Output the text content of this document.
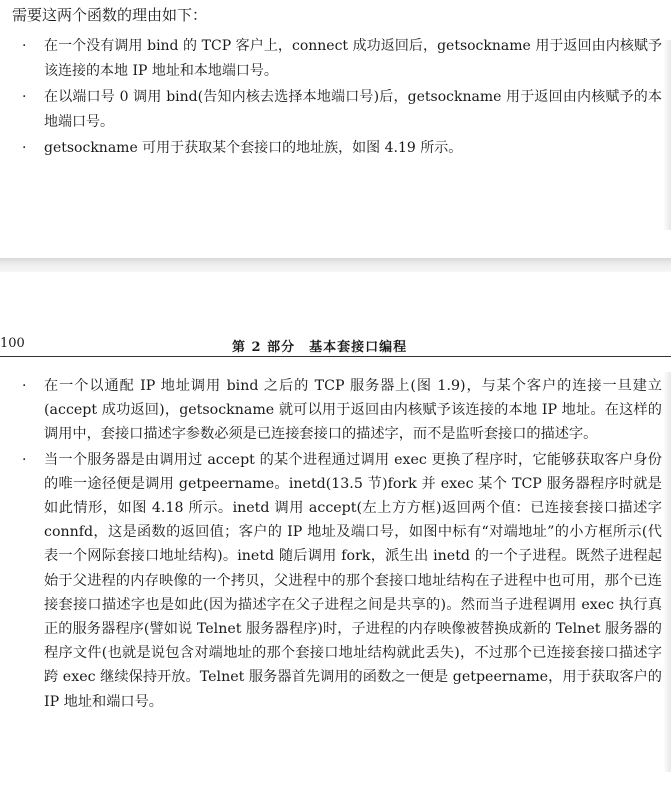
需要这两个函数的理由如下：

· 在一个没有调用 bind 的 TCP 客户上，connect 成功返回后，getsockname 用于返回由内核赋予该连接的本地 IP 地址和本地端口号。
· 在以端口号 0 调用 bind(告知内核去选择本地端口号)后，getsockname 用于返回由内核赋予的本地端口号。
· getsockname 可用于获取某个套接口的地址族，如图 4.19 所示。
100	第 2 部分　基本套接口编程
· 在一个以通配 IP 地址调用 bind 之后的 TCP 服务器上(图 1.9)，与某个客户的连接一旦建立(accept 成功返回)，getsockname 就可以用于返回由内核赋予该连接的本地 IP 地址。在这样的调用中，套接口描述字参数必须是已连接套接口的描述字，而不是监听套接口的描述字。
· 当一个服务器是由调用过 accept 的某个进程通过调用 exec 更换了程序时，它能够获取客户身份的唯一途径便是调用 getpeername。inetd(13.5 节)fork 并 exec 某个 TCP 服务器程序时就是如此情形，如图 4.18 所示。inetd 调用 accept(左上方方框)返回两个值：已连接套接口描述字 connfd，这是函数的返回值；客户的 IP 地址及端口号，如图中标有“对端地址”的小方框所示(代表一个网际套接口地址结构)。inetd 随后调用 fork，派生出 inetd 的一个子进程。既然子进程起始于父进程的内存映像的一个拷贝，父进程中的那个套接口地址结构在子进程中也可用，那个已连接套接口描述字也是如此(因为描述字在父子进程之间是共享的)。然而当子进程调用 exec 执行真正的服务器程序(譬如说 Telnet 服务器程序)时，子进程的内存映像被替换成新的 Telnet 服务器的程序文件(也就是说包含对端地址的那个套接口地址结构就此丢失)，不过那个已连接套接口描述字跨 exec 继续保持开放。Telnet 服务器首先调用的函数之一便是 getpeername，用于获取客户的 IP 地址和端口号。
